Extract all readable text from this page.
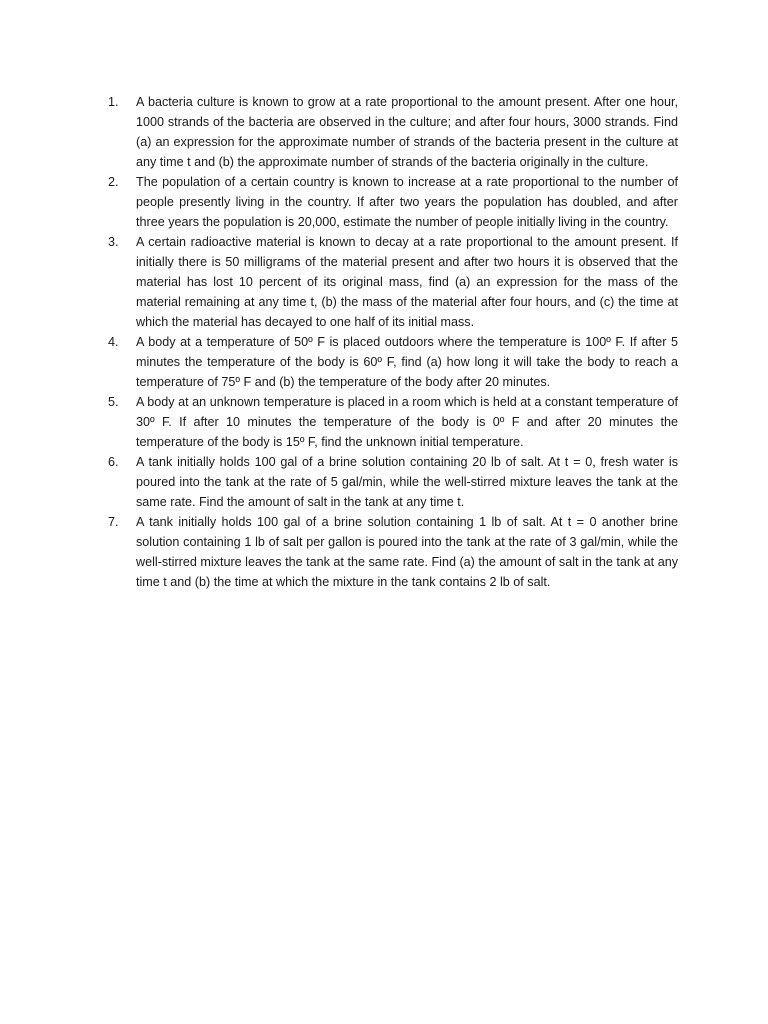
1.	A bacteria culture is known to grow at a rate proportional to the amount present. After one hour, 1000 strands of the bacteria are observed in the culture; and after four hours, 3000 strands. Find (a) an expression for the approximate number of strands of the bacteria present in the culture at any time t and (b) the approximate number of strands of the bacteria originally in the culture.
2.	The population of a certain country is known to increase at a rate proportional to the number of people presently living in the country. If after two years the population has doubled, and after three years the population is 20,000, estimate the number of people initially living in the country.
3.	A certain radioactive material is known to decay at a rate proportional to the amount present. If initially there is 50 milligrams of the material present and after two hours it is observed that the material has lost 10 percent of its original mass, find (a) an expression for the mass of the material remaining at any time t, (b) the mass of the material after four hours, and (c) the time at which the material has decayed to one half of its initial mass.
4.	A body at a temperature of 50º F is placed outdoors where the temperature is 100º F. If after 5 minutes the temperature of the body is 60º F, find (a) how long it will take the body to reach a temperature of 75º F and (b) the temperature of the body after 20 minutes.
5.	A body at an unknown temperature is placed in a room which is held at a constant temperature of 30º F. If after 10 minutes the temperature of the body is 0º F and after 20 minutes the temperature of the body is 15º F, find the unknown initial temperature.
6.	A tank initially holds 100 gal of a brine solution containing 20 lb of salt. At t = 0, fresh water is poured into the tank at the rate of 5 gal/min, while the well-stirred mixture leaves the tank at the same rate. Find the amount of salt in the tank at any time t.
7.	A tank initially holds 100 gal of a brine solution containing 1 lb of salt. At t = 0 another brine solution containing 1 lb of salt per gallon is poured into the tank at the rate of 3 gal/min, while the well-stirred mixture leaves the tank at the same rate. Find (a) the amount of salt in the tank at any time t and (b) the time at which the mixture in the tank contains 2 lb of salt.
